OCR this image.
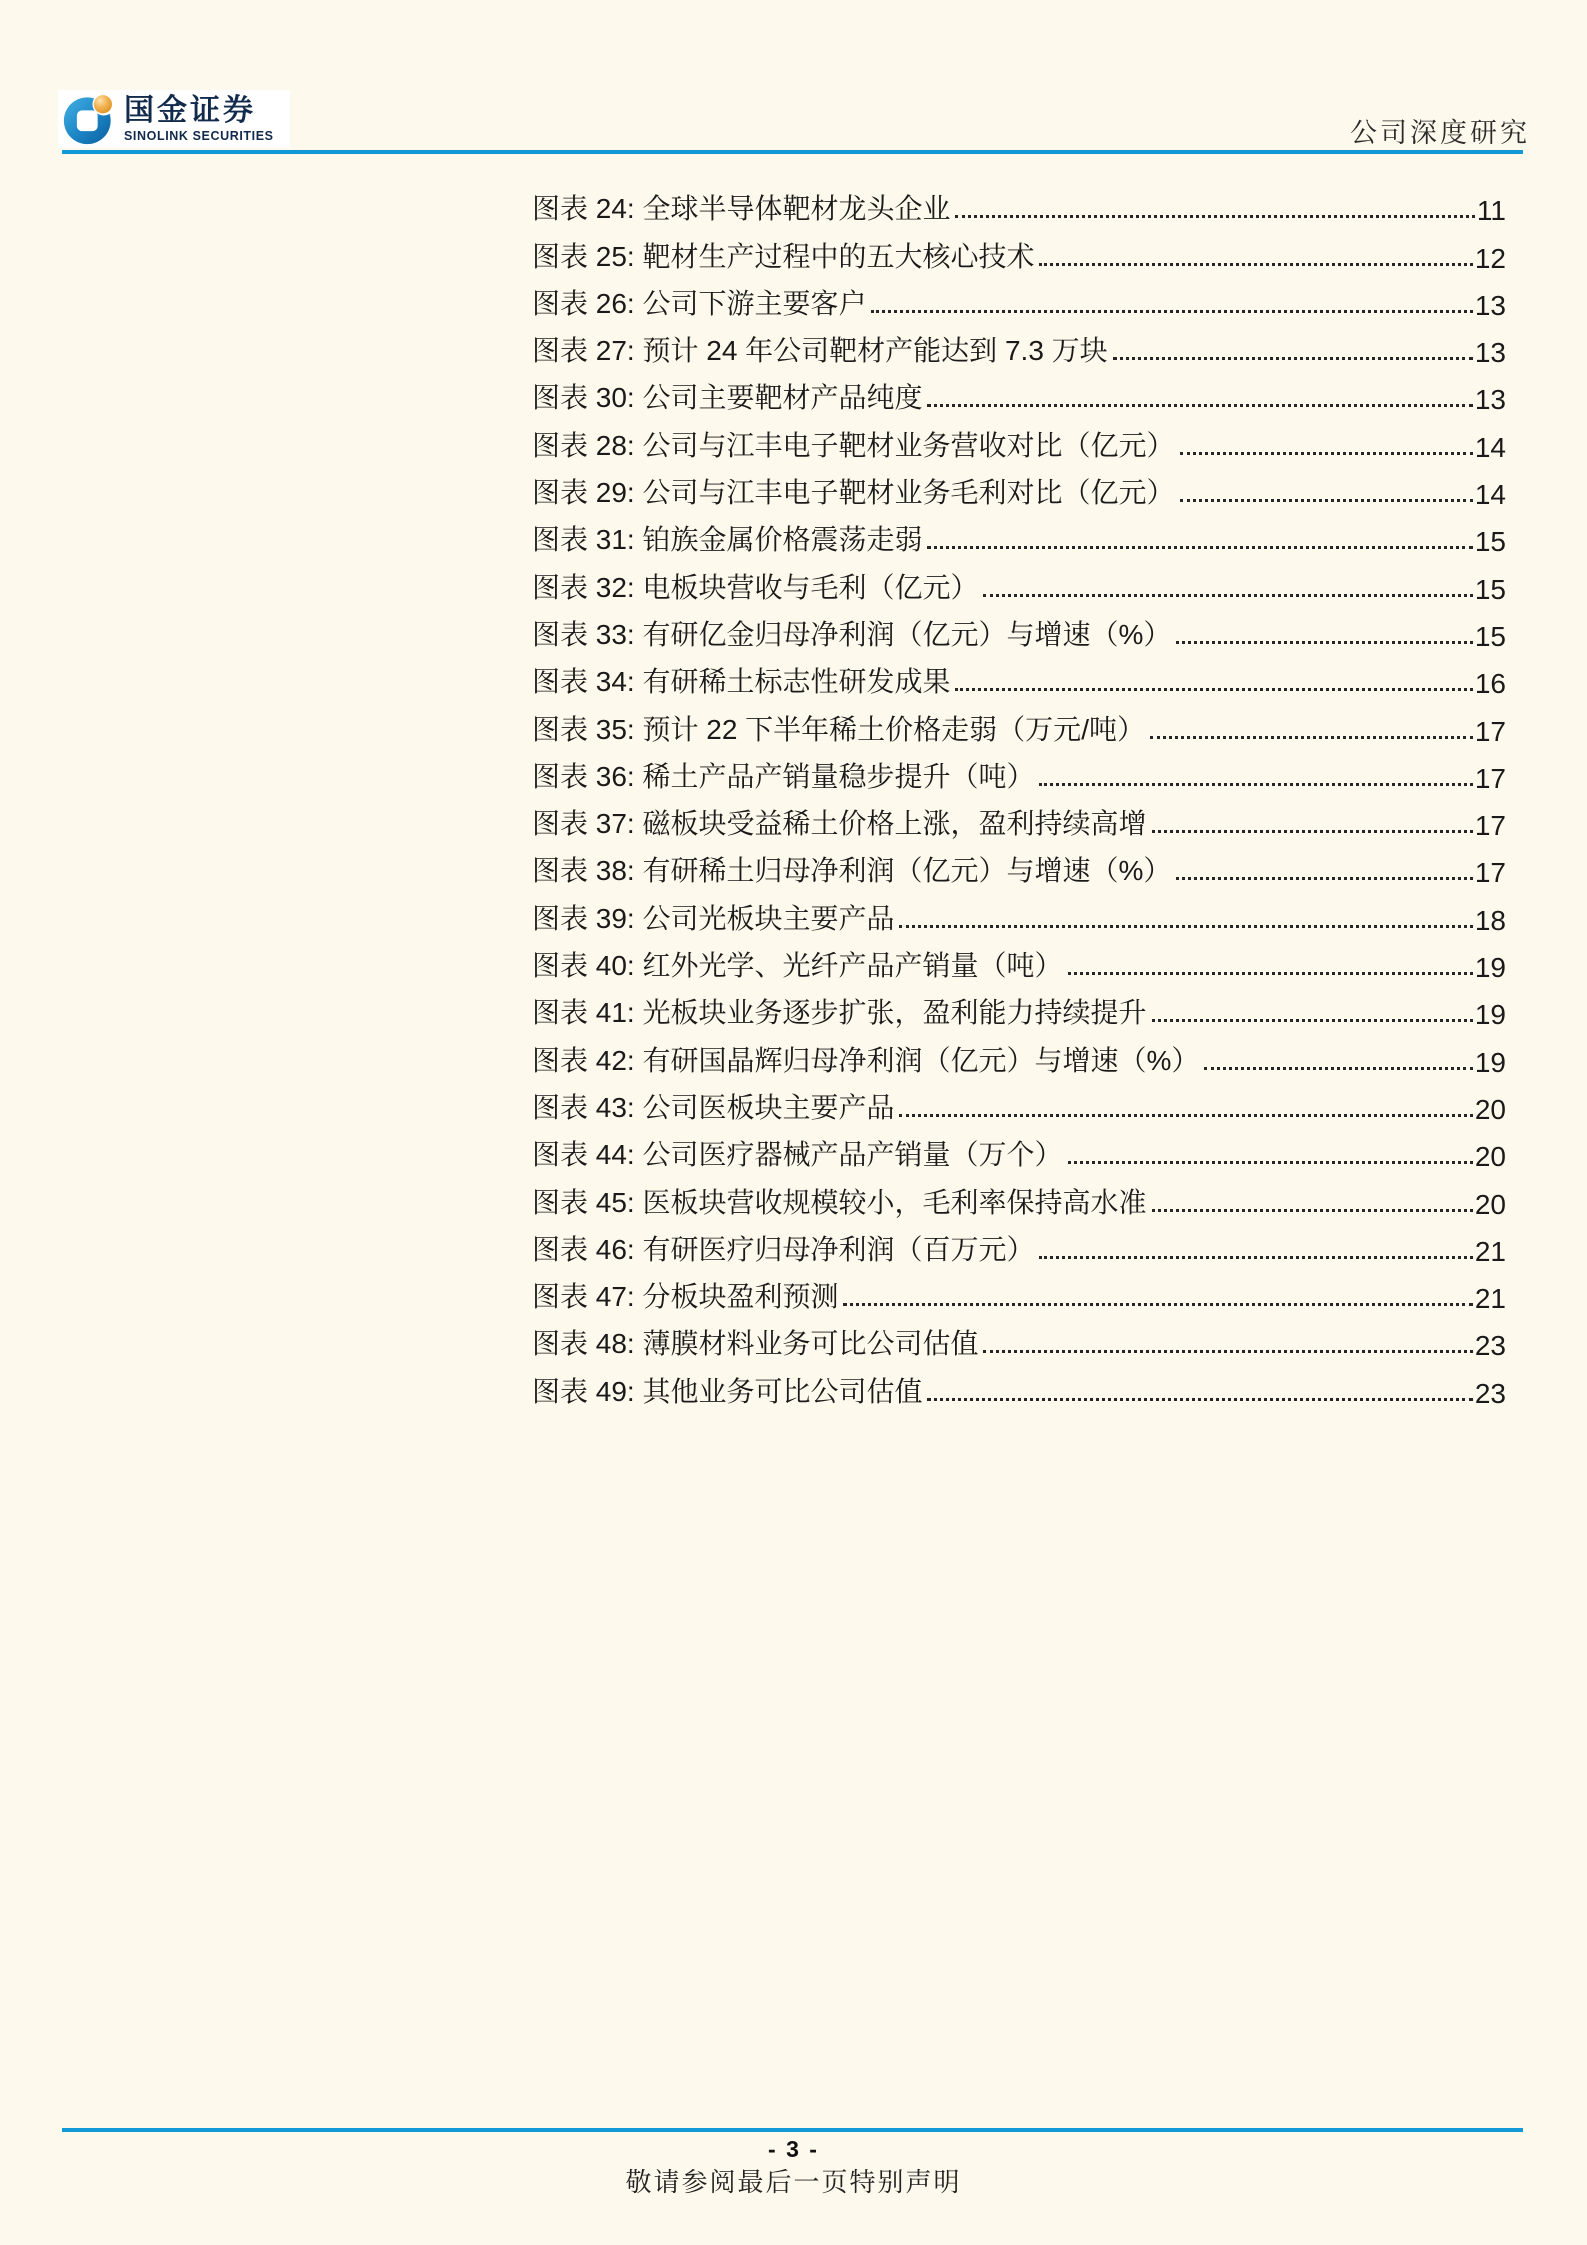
国金证券
SINOLINK SECURITIES	公司深度研究
图表 24: 全球半导体靶材龙头企业	11
图表 25: 靶材生产过程中的五大核心技术	12
图表 26: 公司下游主要客户	13
图表 27: 预计 24 年公司靶材产能达到 7.3 万块	13
图表 30: 公司主要靶材产品纯度	13
图表 28: 公司与江丰电子靶材业务营收对比（亿元）	14
图表 29: 公司与江丰电子靶材业务毛利对比（亿元）	14
图表 31: 铂族金属价格震荡走弱	15
图表 32: 电板块营收与毛利（亿元）	15
图表 33: 有研亿金归母净利润（亿元）与增速（%）	15
图表 34: 有研稀土标志性研发成果	16
图表 35: 预计 22 下半年稀土价格走弱（万元/吨）	17
图表 36: 稀土产品产销量稳步提升（吨）	17
图表 37: 磁板块受益稀土价格上涨，盈利持续高增	17
图表 38: 有研稀土归母净利润（亿元）与增速（%）	17
图表 39: 公司光板块主要产品	18
图表 40: 红外光学、光纤产品产销量（吨）	19
图表 41: 光板块业务逐步扩张，盈利能力持续提升	19
图表 42: 有研国晶辉归母净利润（亿元）与增速（%）	19
图表 43: 公司医板块主要产品	20
图表 44: 公司医疗器械产品产销量（万个）	20
图表 45: 医板块营收规模较小，毛利率保持高水准	20
图表 46: 有研医疗归母净利润（百万元）	21
图表 47: 分板块盈利预测	21
图表 48: 薄膜材料业务可比公司估值	23
图表 49: 其他业务可比公司估值	23
- 3 -
敬请参阅最后一页特别声明
